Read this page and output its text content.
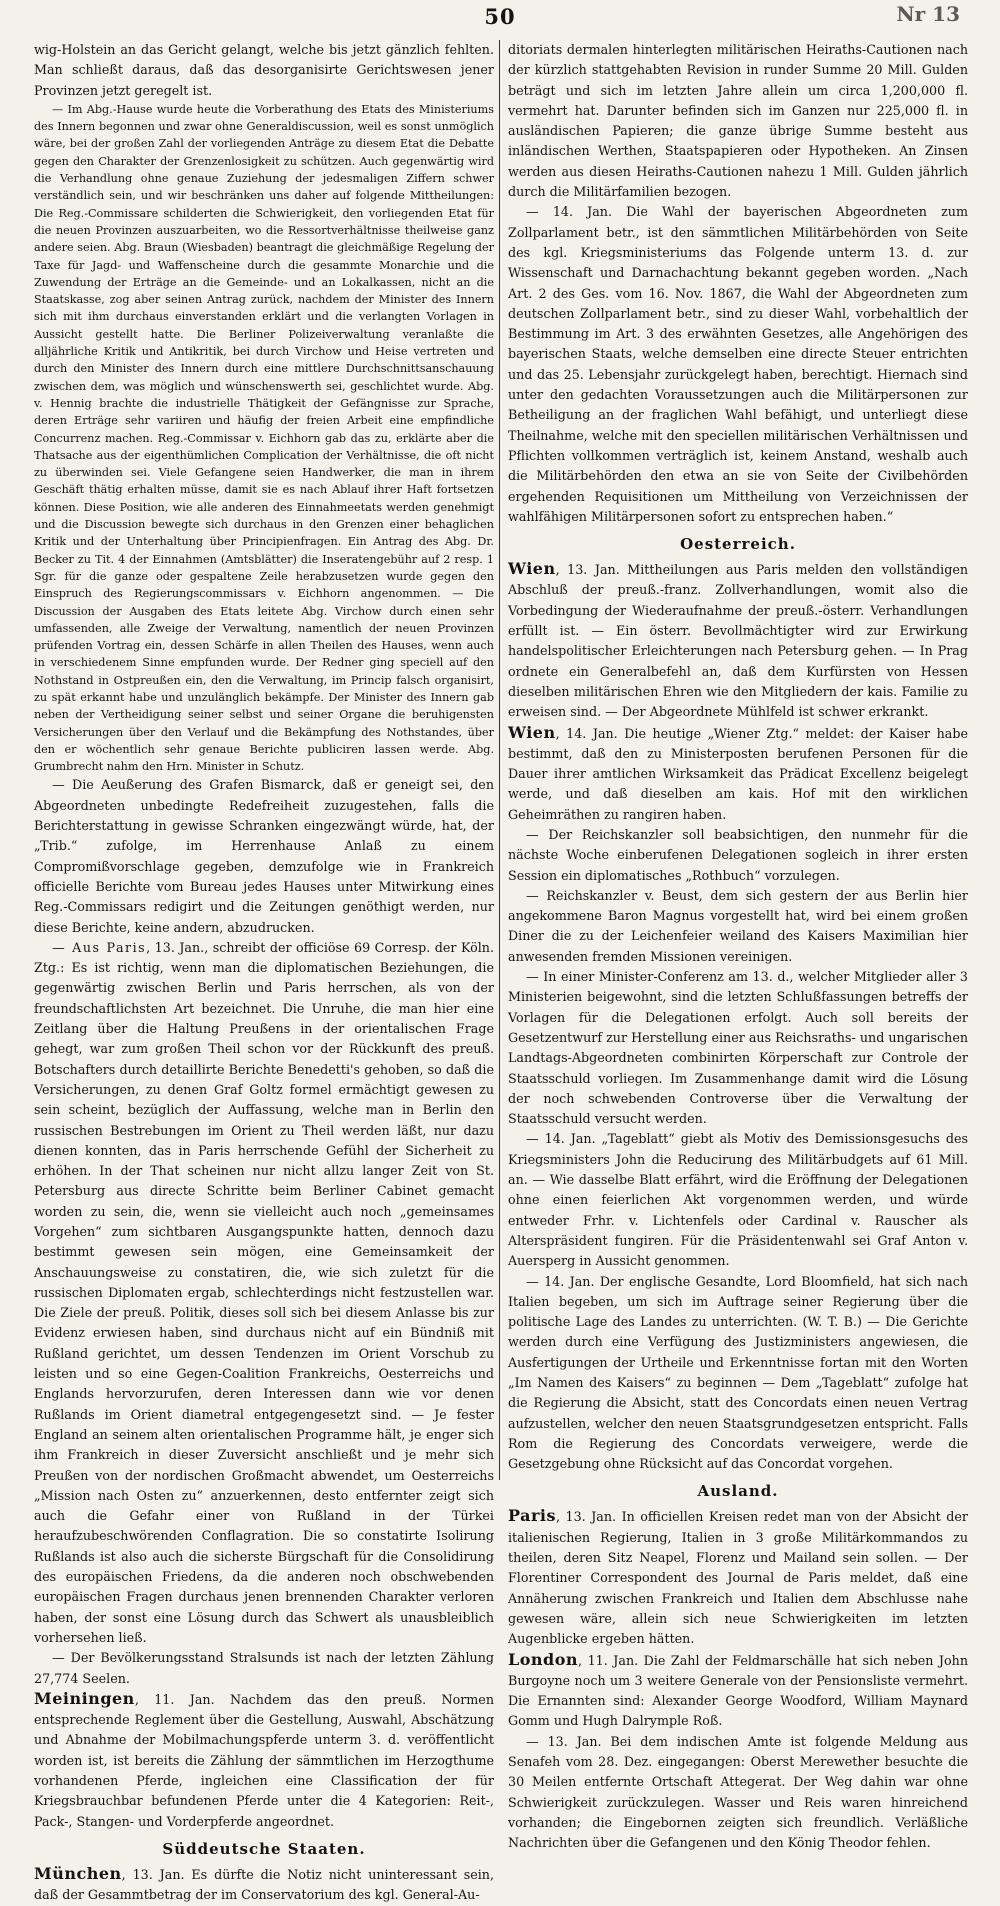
50	Nr 13

wig-Holstein an das Gericht gelangt, welche bis jetzt gänzlich fehlten. Man schließt daraus, daß das desorganisirte Gerichtswesen jener Provinzen jetzt geregelt ist.

— Im Abg.-Hause wurde heute die Vorberathung des Etats des Ministeriums des Innern begonnen und zwar ohne Generaldiscussion, weil es sonst unmöglich wäre, bei der großen Zahl der vorliegenden Anträge zu diesem Etat die Debatte gegen den Charakter der Grenzenlosigkeit zu schützen. Auch gegenwärtig wird die Verhandlung ohne genaue Zuziehung der jedesmaligen Ziffern schwer verständlich sein, und wir beschränken uns daher auf folgende Mittheilungen: Die Reg.-Commissare schilderten die Schwierigkeit, den vorliegenden Etat für die neuen Provinzen auszuarbeiten, wo die Ressortverhältnisse theilweise ganz andere seien. Abg. Braun (Wiesbaden) beantragt die gleichmäßige Regelung der Taxe für Jagd- und Waffenscheine durch die gesammte Monarchie und die Zuwendung der Erträge an die Gemeinde- und an Lokalkassen, nicht an die Staatskasse, zog aber seinen Antrag zurück, nachdem der Minister des Innern sich mit ihm durchaus einverstanden erklärt und die verlangten Vorlagen in Aussicht gestellt hatte. Die Berliner Polizeiverwaltung veranlaßte die alljährliche Kritik und Antikritik, bei durch Virchow und Heise vertreten und durch den Minister des Innern durch eine mittlere Durchschnittsanschauung zwischen dem, was möglich und wünschenswerth sei, geschlichtet wurde. Abg. v. Hennig brachte die industrielle Thätigkeit der Gefängnisse zur Sprache, deren Erträge sehr variiren und häufig der freien Arbeit eine empfindliche Concurrenz machen. Reg.-Commissar v. Eichhorn gab das zu, erklärte aber die Thatsache aus der eigenthümlichen Complication der Verhältnisse, die oft nicht zu überwinden sei. Viele Gefangene seien Handwerker, die man in ihrem Geschäft thätig erhalten müsse, damit sie es nach Ablauf ihrer Haft fortsetzen können. Diese Position, wie alle anderen des Einnahmeetats werden genehmigt und die Discussion bewegte sich durchaus in den Grenzen einer behaglichen Kritik und der Unterhaltung über Principienfragen. Ein Antrag des Abg. Dr. Becker zu Tit. 4 der Einnahmen (Amtsblätter) die Inseratengebühr auf 2 resp. 1 Sgr. für die ganze oder gespaltene Zeile herabzusetzen wurde gegen den Einspruch des Regierungscommissars v. Eichhorn angenommen. — Die Discussion der Ausgaben des Etats leitete Abg. Virchow durch einen sehr umfassenden, alle Zweige der Verwaltung, namentlich der neuen Provinzen prüfenden Vortrag ein, dessen Schärfe in allen Theilen des Hauses, wenn auch in verschiedenem Sinne empfunden wurde. Der Redner ging speciell auf den Nothstand in Ostpreußen ein, den die Verwaltung, im Princip falsch organisirt, zu spät erkannt habe und unzulänglich bekämpfe. Der Minister des Innern gab neben der Vertheidigung seiner selbst und seiner Organe die beruhigensten Versicherungen über den Verlauf und die Bekämpfung des Nothstandes, über den er wöchentlich sehr genaue Berichte publiciren lassen werde. Abg. Grumbrecht nahm den Hrn. Minister in Schutz.

— Die Aeußerung des Grafen Bismarck, daß er geneigt sei, den Abgeordneten unbedingte Redefreiheit zuzugestehen, falls die Berichterstattung in gewisse Schranken eingezwängt würde, hat, der „Trib.“ zufolge, im Herrenhause Anlaß zu einem Compromißvorschlage gegeben, demzufolge wie in Frankreich officielle Berichte vom Bureau jedes Hauses unter Mitwirkung eines Reg.-Commissars redigirt und die Zeitungen genöthigt werden, nur diese Berichte, keine andern, abzudrucken.

— Aus Paris, 13. Jan., schreibt der officiöse 69 Corresp. der Köln. Ztg.: Es ist richtig, wenn man die diplomatischen Beziehungen, die gegenwärtig zwischen Berlin und Paris herrschen, als von der freundschaftlichsten Art bezeichnet. Die Unruhe, die man hier eine Zeitlang über die Haltung Preußens in der orientalischen Frage gehegt, war zum großen Theil schon vor der Rückkunft des preuß. Botschafters durch detaillirte Berichte Benedetti's gehoben, so daß die Versicherungen, zu denen Graf Goltz formel ermächtigt gewesen zu sein scheint, bezüglich der Auffassung, welche man in Berlin den russischen Bestrebungen im Orient zu Theil werden läßt, nur dazu dienen konnten, das in Paris herrschende Gefühl der Sicherheit zu erhöhen. In der That scheinen nur nicht allzu langer Zeit von St. Petersburg aus directe Schritte beim Berliner Cabinet gemacht worden zu sein, die, wenn sie vielleicht auch noch „gemeinsames Vorgehen“ zum sichtbaren Ausgangspunkte hatten, dennoch dazu bestimmt gewesen sein mögen, eine Gemeinsamkeit der Anschauungsweise zu constatiren, die, wie sich zuletzt für die russischen Diplomaten ergab, schlechterdings nicht festzustellen war. Die Ziele der preuß. Politik, dieses soll sich bei diesem Anlasse bis zur Evidenz erwiesen haben, sind durchaus nicht auf ein Bündniß mit Rußland gerichtet, um dessen Tendenzen im Orient Vorschub zu leisten und so eine Gegen-Coalition Frankreichs, Oesterreichs und Englands hervorzurufen, deren Interessen dann wie vor denen Rußlands im Orient diametral entgegengesetzt sind. — Je fester England an seinem alten orientalischen Programme hält, je enger sich ihm Frankreich in dieser Zuversicht anschließt und je mehr sich Preußen von der nordischen Großmacht abwendet, um Oesterreichs „Mission nach Osten zu“ anzuerkennen, desto entfernter zeigt sich auch die Gefahr einer von Rußland in der Türkei heraufzubeschwörenden Conflagration. Die so constatirte Isolirung Rußlands ist also auch die sicherste Bürgschaft für die Consolidirung des europäischen Friedens, da die anderen noch obschwebenden europäischen Fragen durchaus jenen brennenden Charakter verloren haben, der sonst eine Lösung durch das Schwert als unausbleiblich vorhersehen ließ.

— Der Bevölkerungsstand Stralsunds ist nach der letzten Zählung 27,774 Seelen.

Meiningen, 11. Jan. Nachdem das den preuß. Normen entsprechende Reglement über die Gestellung, Auswahl, Abschätzung und Abnahme der Mobilmachungspferde unterm 3. d. veröffentlicht worden ist, ist bereits die Zählung der sämmtlichen im Herzogthume vorhandenen Pferde, ingleichen eine Classification der für Kriegsbrauchbar befundenen Pferde unter die 4 Kategorien: Reit-, Pack-, Stangen- und Vorderpferde angeordnet.

Süddeutsche Staaten.

München, 13. Jan. Es dürfte die Notiz nicht uninteressant sein, daß der Gesammtbetrag der im Conservatorium des kgl. General-Au-

ditoriats dermalen hinterlegten militärischen Heiraths-Cautionen nach der kürzlich stattgehabten Revision in runder Summe 20 Mill. Gulden beträgt und sich im letzten Jahre allein um circa 1,200,000 fl. vermehrt hat. Darunter befinden sich im Ganzen nur 225,000 fl. in ausländischen Papieren; die ganze übrige Summe besteht aus inländischen Werthen, Staatspapieren oder Hypotheken. An Zinsen werden aus diesen Heiraths-Cautionen nahezu 1 Mill. Gulden jährlich durch die Militärfamilien bezogen.

— 14. Jan. Die Wahl der bayerischen Abgeordneten zum Zollparlament betr., ist den sämmtlichen Militärbehörden von Seite des kgl. Kriegsministeriums das Folgende unterm 13. d. zur Wissenschaft und Darnachachtung bekannt gegeben worden. „Nach Art. 2 des Ges. vom 16. Nov. 1867, die Wahl der Abgeordneten zum deutschen Zollparlament betr., sind zu dieser Wahl, vorbehaltlich der Bestimmung im Art. 3 des erwähnten Gesetzes, alle Angehörigen des bayerischen Staats, welche demselben eine directe Steuer entrichten und das 25. Lebensjahr zurückgelegt haben, berechtigt. Hiernach sind unter den gedachten Voraussetzungen auch die Militärpersonen zur Betheiligung an der fraglichen Wahl befähigt, und unterliegt diese Theilnahme, welche mit den speciellen militärischen Verhältnissen und Pflichten vollkommen verträglich ist, keinem Anstand, weshalb auch die Militärbehörden den etwa an sie von Seite der Civilbehörden ergehenden Requisitionen um Mittheilung von Verzeichnissen der wahlfähigen Militärpersonen sofort zu entsprechen haben.“

Oesterreich.

Wien, 13. Jan. Mittheilungen aus Paris melden den vollständigen Abschluß der preuß.-franz. Zollverhandlungen, womit also die Vorbedingung der Wiederaufnahme der preuß.-österr. Verhandlungen erfüllt ist. — Ein österr. Bevollmächtigter wird zur Erwirkung handelspolitischer Erleichterungen nach Petersburg gehen. — In Prag ordnete ein Generalbefehl an, daß dem Kurfürsten von Hessen dieselben militärischen Ehren wie den Mitgliedern der kais. Familie zu erweisen sind. — Der Abgeordnete Mühlfeld ist schwer erkrankt.

Wien, 14. Jan. Die heutige „Wiener Ztg.“ meldet: der Kaiser habe bestimmt, daß den zu Ministerposten berufenen Personen für die Dauer ihrer amtlichen Wirksamkeit das Prädicat Excellenz beigelegt werde, und daß dieselben am kais. Hof mit den wirklichen Geheimräthen zu rangiren haben.

— Der Reichskanzler soll beabsichtigen, den nunmehr für die nächste Woche einberufenen Delegationen sogleich in ihrer ersten Session ein diplomatisches „Rothbuch“ vorzulegen.

— Reichskanzler v. Beust, dem sich gestern der aus Berlin hier angekommene Baron Magnus vorgestellt hat, wird bei einem großen Diner die zu der Leichenfeier weiland des Kaisers Maximilian hier anwesenden fremden Missionen vereinigen.

— In einer Minister-Conferenz am 13. d., welcher Mitglieder aller 3 Ministerien beigewohnt, sind die letzten Schlußfassungen betreffs der Vorlagen für die Delegationen erfolgt. Auch soll bereits der Gesetzentwurf zur Herstellung einer aus Reichsraths- und ungarischen Landtags-Abgeordneten combinirten Körperschaft zur Controle der Staatsschuld vorliegen. Im Zusammenhange damit wird die Lösung der noch schwebenden Controverse über die Verwaltung der Staatsschuld versucht werden.

— 14. Jan. „Tageblatt“ giebt als Motiv des Demissionsgesuchs des Kriegsministers John die Reducirung des Militärbudgets auf 61 Mill. an. — Wie dasselbe Blatt erfährt, wird die Eröffnung der Delegationen ohne einen feierlichen Akt vorgenommen werden, und würde entweder Frhr. v. Lichtenfels oder Cardinal v. Rauscher als Alterspräsident fungiren. Für die Präsidentenwahl sei Graf Anton v. Auersperg in Aussicht genommen.

— 14. Jan. Der englische Gesandte, Lord Bloomfield, hat sich nach Italien begeben, um sich im Auftrage seiner Regierung über die politische Lage des Landes zu unterrichten. (W. T. B.) — Die Gerichte werden durch eine Verfügung des Justizministers angewiesen, die Ausfertigungen der Urtheile und Erkenntnisse fortan mit den Worten „Im Namen des Kaisers“ zu beginnen — Dem „Tageblatt“ zufolge hat die Regierung die Absicht, statt des Concordats einen neuen Vertrag aufzustellen, welcher den neuen Staatsgrundgesetzen entspricht. Falls Rom die Regierung des Concordats verweigere, werde die Gesetzgebung ohne Rücksicht auf das Concordat vorgehen.

Ausland.

Paris, 13. Jan. In officiellen Kreisen redet man von der Absicht der italienischen Regierung, Italien in 3 große Militärkommandos zu theilen, deren Sitz Neapel, Florenz und Mailand sein sollen. — Der Florentiner Correspondent des Journal de Paris meldet, daß eine Annäherung zwischen Frankreich und Italien dem Abschlusse nahe gewesen wäre, allein sich neue Schwierigkeiten im letzten Augenblicke ergeben hätten.

London, 11. Jan. Die Zahl der Feldmarschälle hat sich neben John Burgoyne noch um 3 weitere Generale von der Pensionsliste vermehrt. Die Ernannten sind: Alexander George Woodford, William Maynard Gomm und Hugh Dalrymple Roß.

— 13. Jan. Bei dem indischen Amte ist folgende Meldung aus Senafeh vom 28. Dez. eingegangen: Oberst Merewether besuchte die 30 Meilen entfernte Ortschaft Attegerat. Der Weg dahin war ohne Schwierigkeit zurückzulegen. Wasser und Reis waren hinreichend vorhanden; die Eingebornen zeigten sich freundlich. Verläßliche Nachrichten über die Gefangenen und den König Theodor fehlen.
